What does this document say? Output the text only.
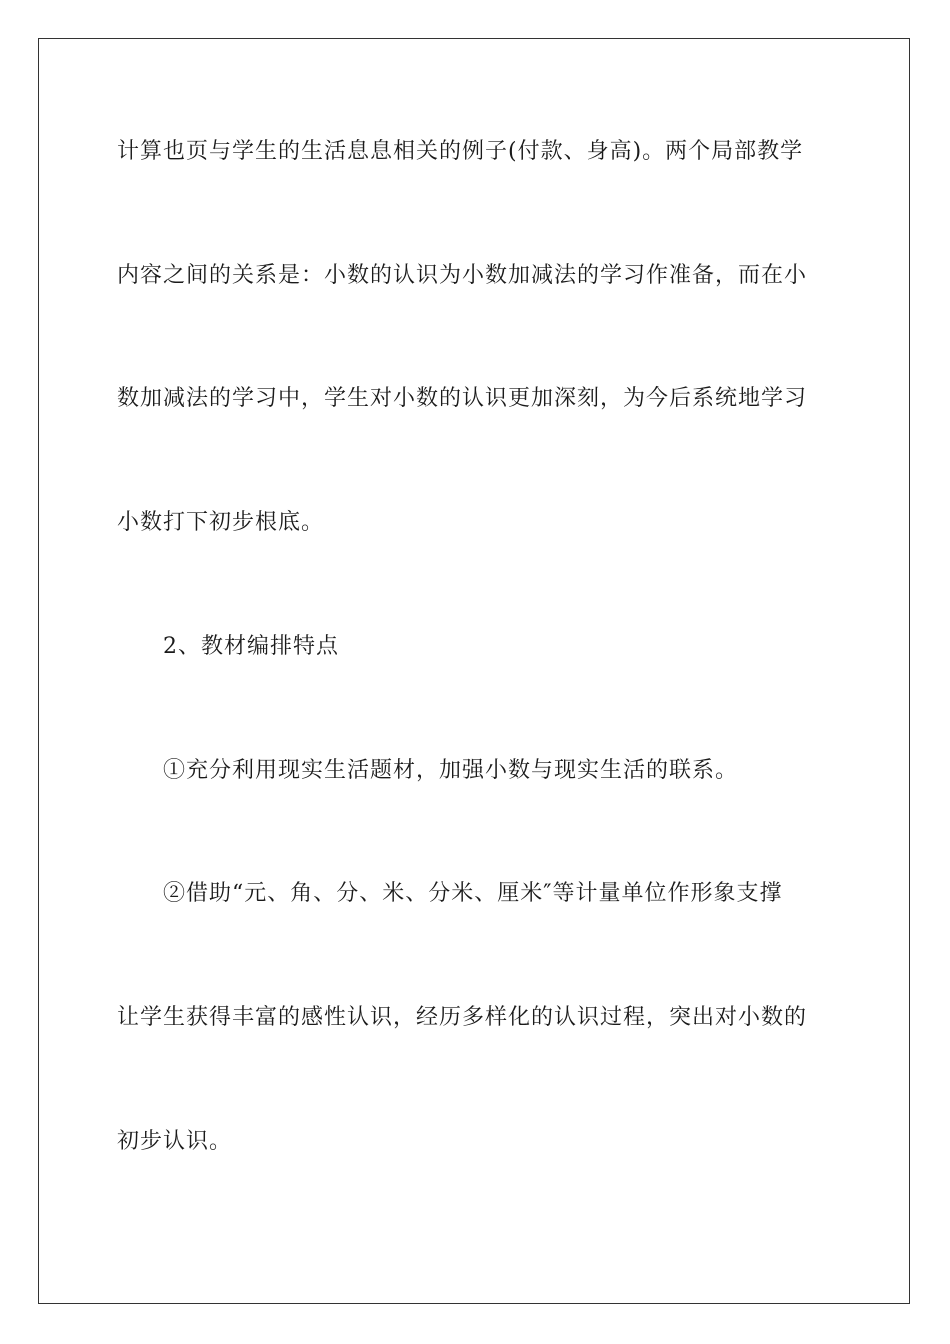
计算也页与学生的生活息息相关的例子(付款、身高)。两个局部教学
内容之间的关系是：小数的认识为小数加减法的学习作准备，而在小
数加减法的学习中，学生对小数的认识更加深刻，为今后系统地学习
小数打下初步根底。
2、教材编排特点
①充分利用现实生活题材，加强小数与现实生活的联系。
②借助“元、角、分、米、分米、厘米″等计量单位作形象支撑
让学生获得丰富的感性认识，经历多样化的认识过程，突出对小数的
初步认识。
